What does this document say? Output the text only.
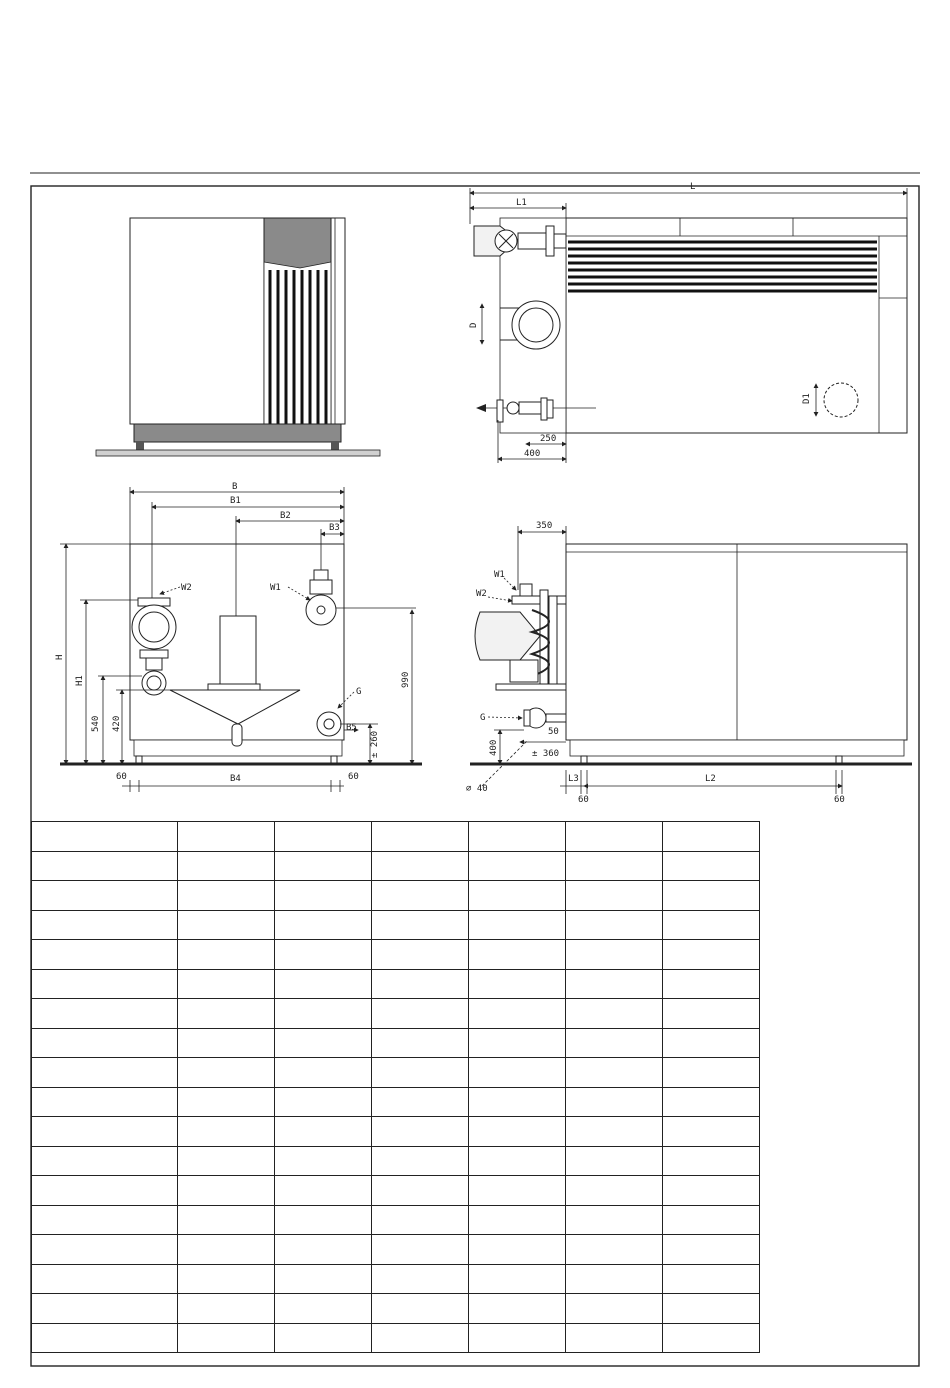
L
L1
D
D1
250
400
B
B1
B2
B3
B4
B5
H
H1
540 420
± 260
990
60	60
350
400	± 360
50
∅ 40
L3	L2
60	60
W2	W1
G
W1
W2
G
